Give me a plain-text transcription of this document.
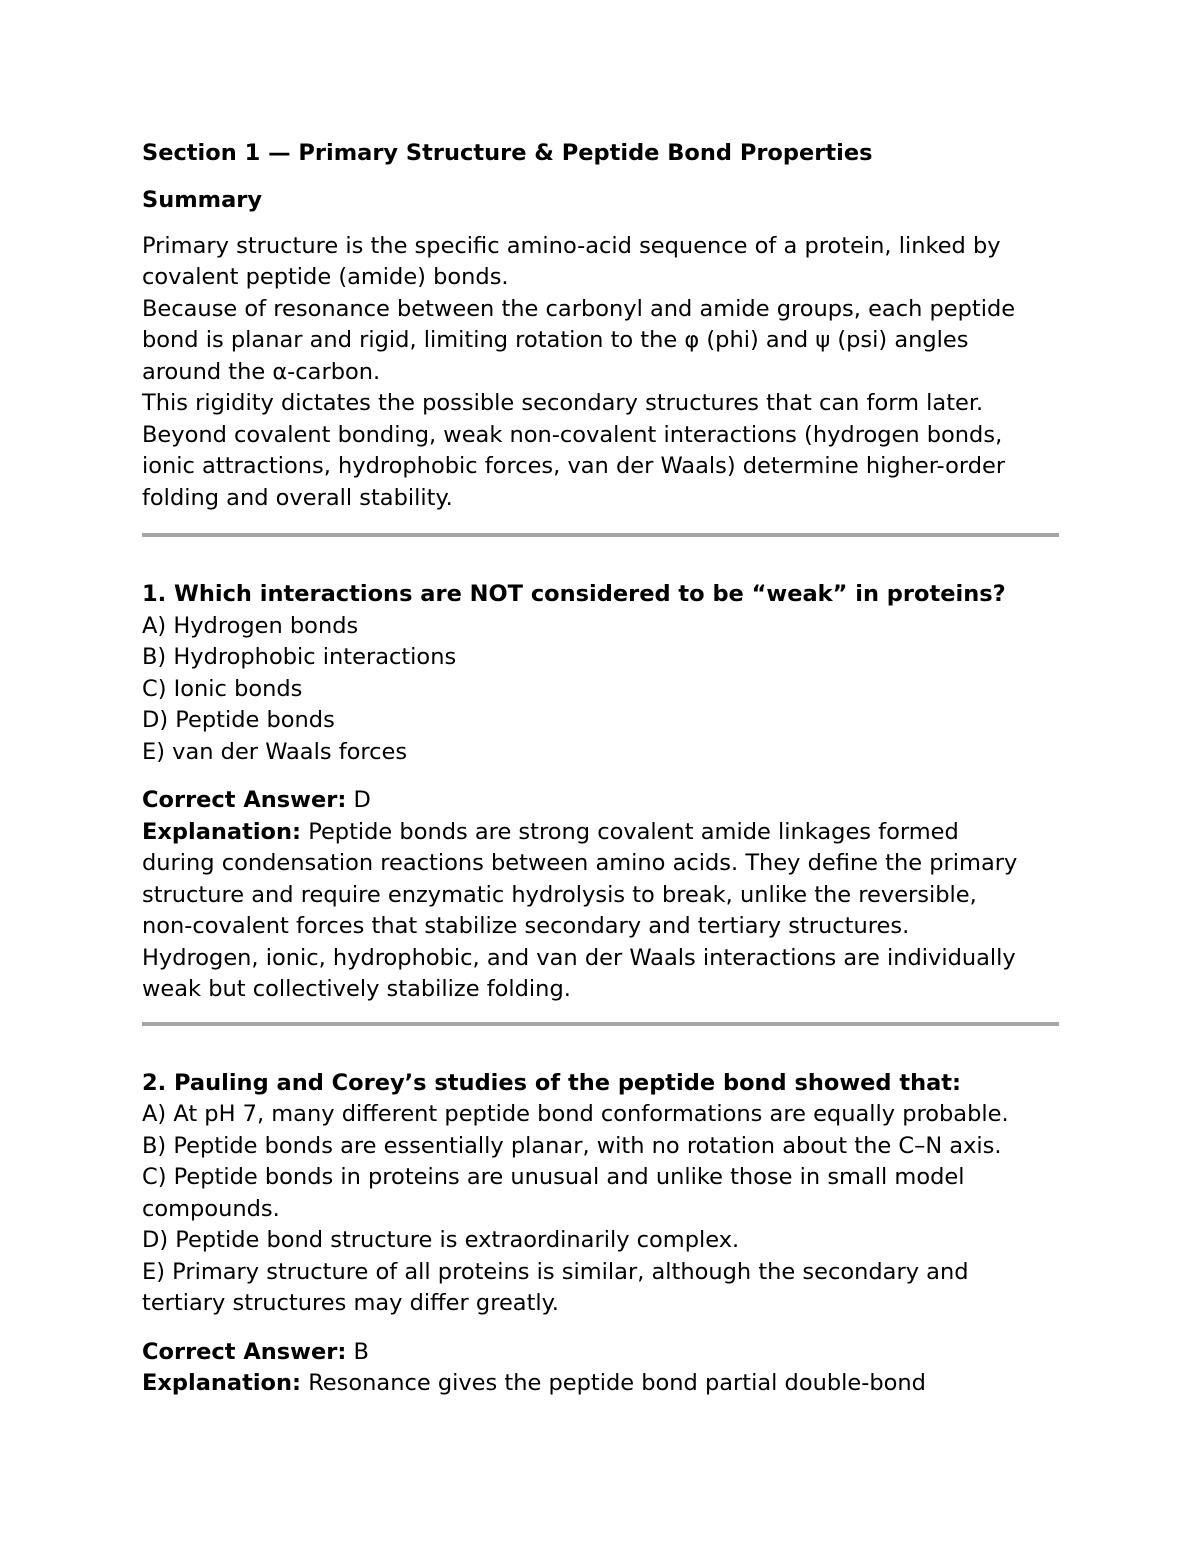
Section 1 — Primary Structure & Peptide Bond Properties
Summary

Primary structure is the specific amino-acid sequence of a protein, linked by

covalent peptide (amide) bonds.

Because of resonance between the carbonyl and amide groups, each peptide

bond is planar and rigid, limiting rotation to the φ (phi) and ψ (psi) angles

around the α-carbon.

This rigidity dictates the possible secondary structures that can form later.

Beyond covalent bonding, weak non-covalent interactions (hydrogen bonds,

ionic attractions, hydrophobic forces, van der Waals) determine higher-order

folding and overall stability.

1. Which interactions are NOT considered to be “weak” in proteins?

A) Hydrogen bonds

B) Hydrophobic interactions

C) Ionic bonds

D) Peptide bonds

E) van der Waals forces

Correct Answer: D

Explanation: Peptide bonds are strong covalent amide linkages formed

during condensation reactions between amino acids. They define the primary

structure and require enzymatic hydrolysis to break, unlike the reversible,

non-covalent forces that stabilize secondary and tertiary structures.

Hydrogen, ionic, hydrophobic, and van der Waals interactions are individually

weak but collectively stabilize folding.

2. Pauling and Corey’s studies of the peptide bond showed that:

A) At pH 7, many different peptide bond conformations are equally probable.

B) Peptide bonds are essentially planar, with no rotation about the C–N axis.

C) Peptide bonds in proteins are unusual and unlike those in small model

compounds.

D) Peptide bond structure is extraordinarily complex.

E) Primary structure of all proteins is similar, although the secondary and

tertiary structures may differ greatly.

Correct Answer: B

Explanation: Resonance gives the peptide bond partial double-bond
